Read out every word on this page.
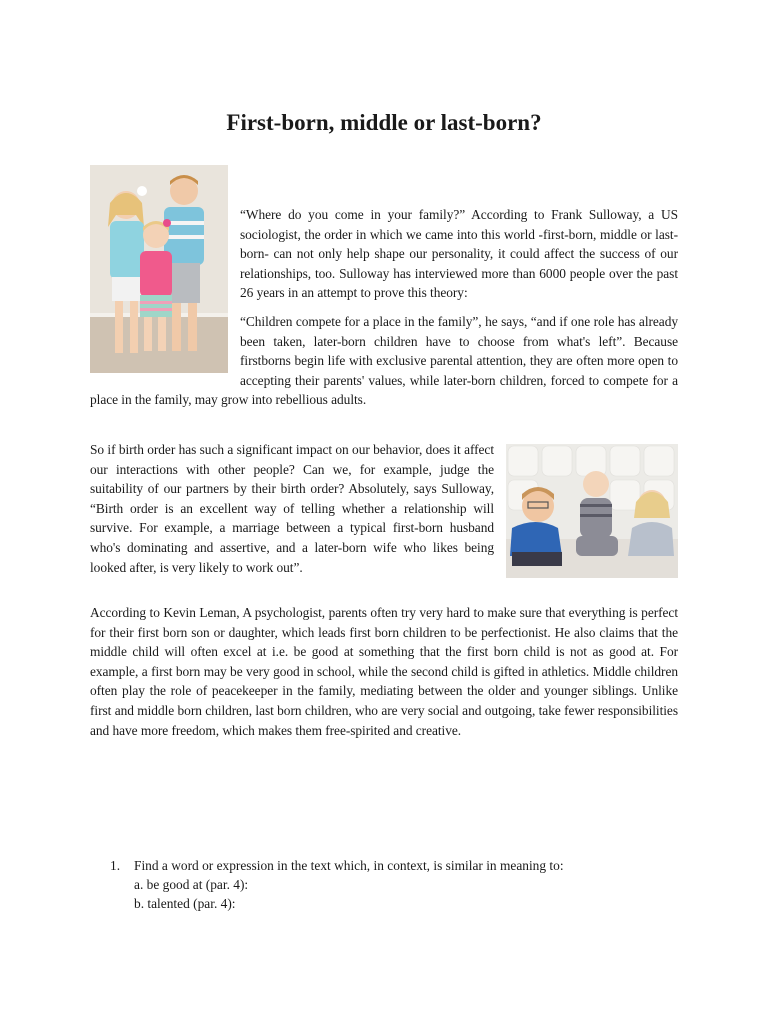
First-born, middle or last-born?

“Where do you come in your family?” According to Frank Sulloway, a US sociologist, the order in which we came into this world -first-born, middle or last-born- can not only help shape our personality, it could affect the success of our relationships, too. Sulloway has interviewed more than 6000 people over the past 26 years in an attempt to prove this theory:

“Children compete for a place in the family”, he says, “and if one role has already been taken, later-born children have to choose from what's left”. Because firstborns begin life with exclusive parental attention, they are often more open to accepting their parents' values, while later-born children, forced to compete for a place in the family, may grow into rebellious adults.

So if birth order has such a significant impact on our behavior, does it affect our interactions with other people? Can we, for example, judge the suitability of our partners by their birth order? Absolutely, says Sulloway, “Birth order is an excellent way of telling whether a relationship will survive. For example, a marriage between a typical first-born husband who's dominating and assertive, and a later-born wife who likes being looked after, is very likely to work out”.

According to Kevin Leman, A psychologist, parents often try very hard to make sure that everything is perfect for their first born son or daughter, which leads first born children to be perfectionist. He also claims that the middle child will often excel at i.e. be good at something that the first born child is not as good at. For example, a first born may be very good in school, while the second child is gifted in athletics. Middle children often play the role of peacekeeper in the family, mediating between the older and younger siblings. Unlike first and middle born children, last born children, who are very social and outgoing, take fewer responsibilities and have more freedom, which makes them free-spirited and creative.

1.	Find a word or expression in the text which, in context, is similar in meaning to:
a. be good at (par. 4):
b. talented (par. 4):
